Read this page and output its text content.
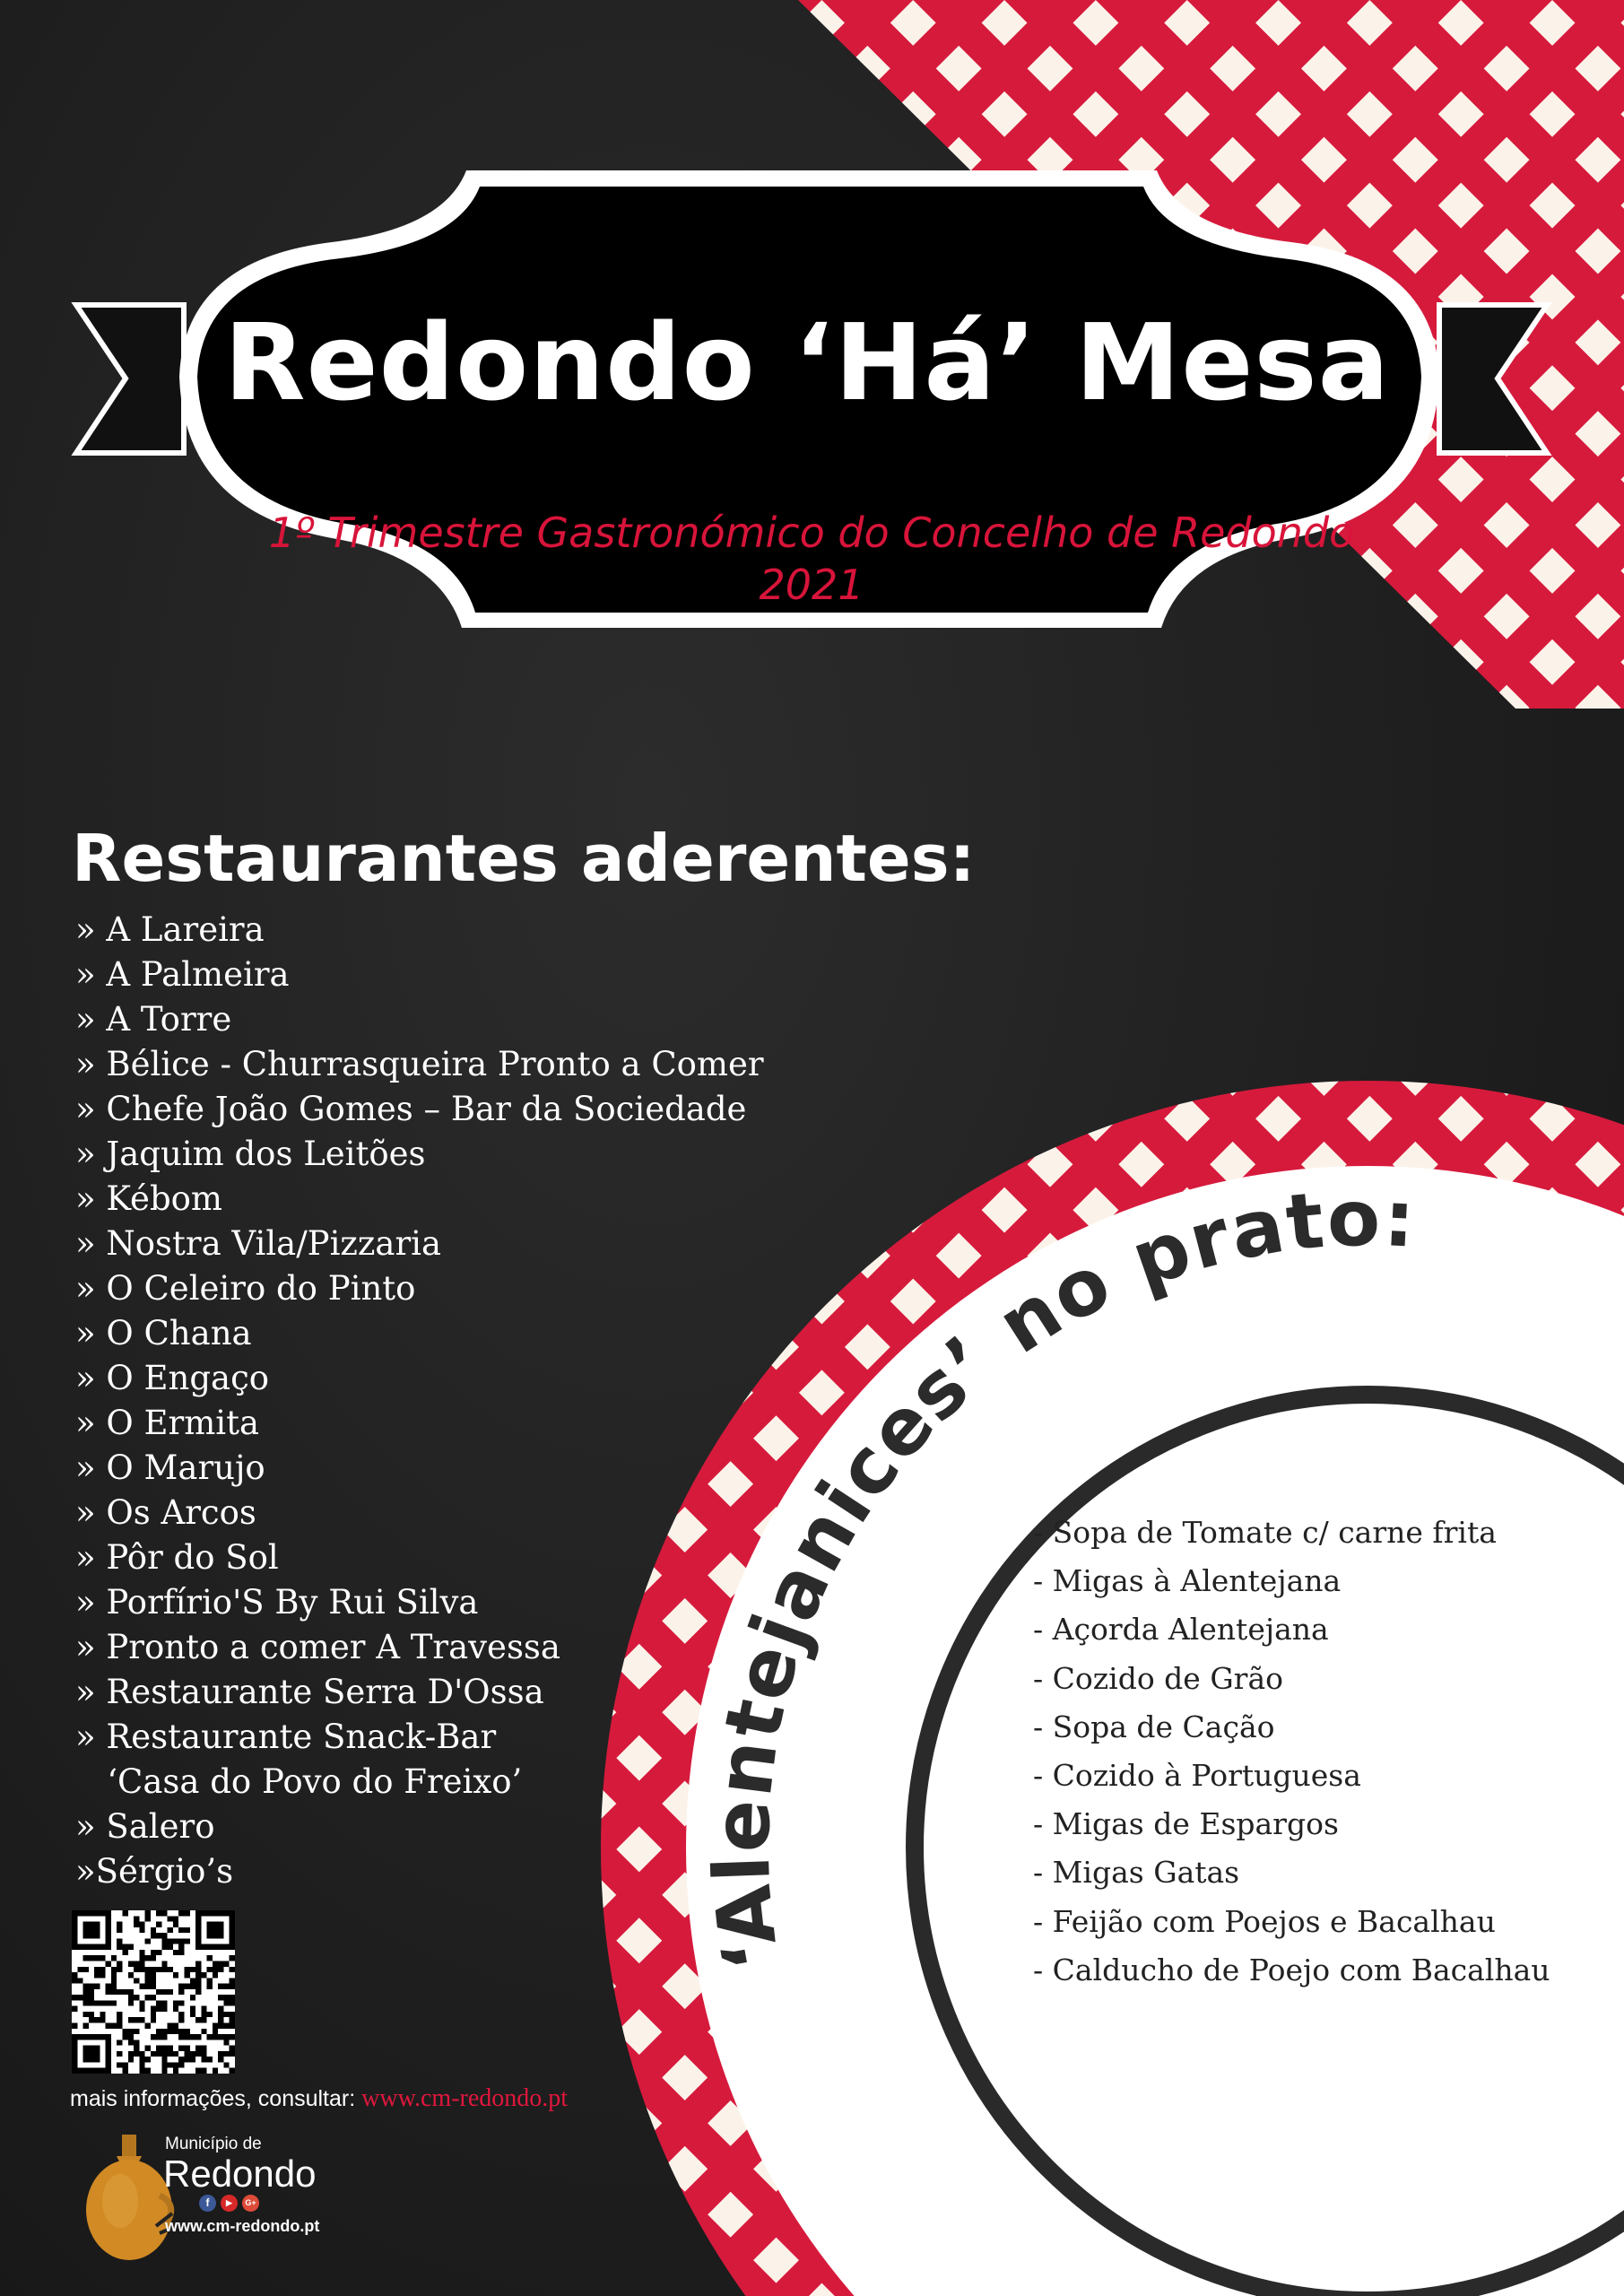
‘Alentejanices’ no prato:
Redondo ‘Há’ Mesa
1º Trimestre Gastronómico do Concelho de Redondo
2021
Restaurantes aderentes:
» A Lareira
» A Palmeira
» A Torre
» Bélice - Churrasqueira Pronto a Comer
» Chefe João Gomes – Bar da Sociedade
» Jaquim dos Leitões
» Kébom
» Nostra Vila/Pizzaria
» O Celeiro do Pinto
» O Chana
» O Engaço
» O Ermita
» O Marujo
» Os Arcos
» Pôr do Sol
» Porfírio'S By Rui Silva
» Pronto a comer A Travessa
» Restaurante Serra D'Ossa
» Restaurante Snack-Bar
‘Casa do Povo do Freixo’
» Salero
»Sérgio’s
- Sopa de Tomate c/ carne frita
- Migas à Alentejana
- Açorda Alentejana
- Cozido de Grão
- Sopa de Cação
- Cozido à Portuguesa
- Migas de Espargos
- Migas Gatas
- Feijão com Poejos e Bacalhau
- Calducho de Poejo com Bacalhau
mais informações, consultar: www.cm-redondo.pt
Município de
Redondo
f	▶	G+
www.cm-redondo.pt
